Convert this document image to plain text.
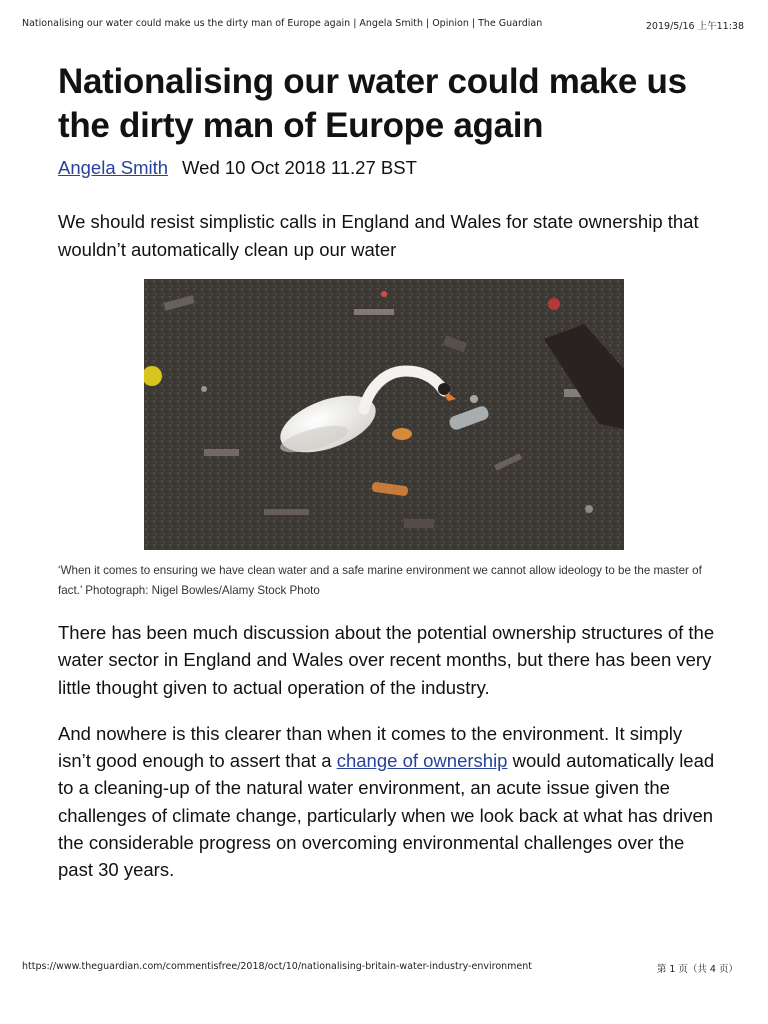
Nationalising our water could make us the dirty man of Europe again | Angela Smith | Opinion | The Guardian	2019/5/16 上午11:38
Nationalising our water could make us the dirty man of Europe again
Angela Smith Wed 10 Oct 2018 11.27 BST
We should resist simplistic calls in England and Wales for state ownership that wouldn’t automatically clean up our water
‘When it comes to ensuring we have clean water and a safe marine environment we cannot allow ideology to be the master of fact.’ Photograph: Nigel Bowles/Alamy Stock Photo

There has been much discussion about the potential ownership structures of the water sector in England and Wales over recent months, but there has been very little thought given to actual operation of the industry.

And nowhere is this clearer than when it comes to the environment. It simply isn’t good enough to assert that a change of ownership would automatically lead to a cleaning-up of the natural water environment, an acute issue given the challenges of climate change, particularly when we look back at what has driven the considerable progress on overcoming environmental challenges over the past 30 years.

https://www.theguardian.com/commentisfree/2018/oct/10/nationalising-britain-water-industry-environment	第 1 页（共 4 页）
